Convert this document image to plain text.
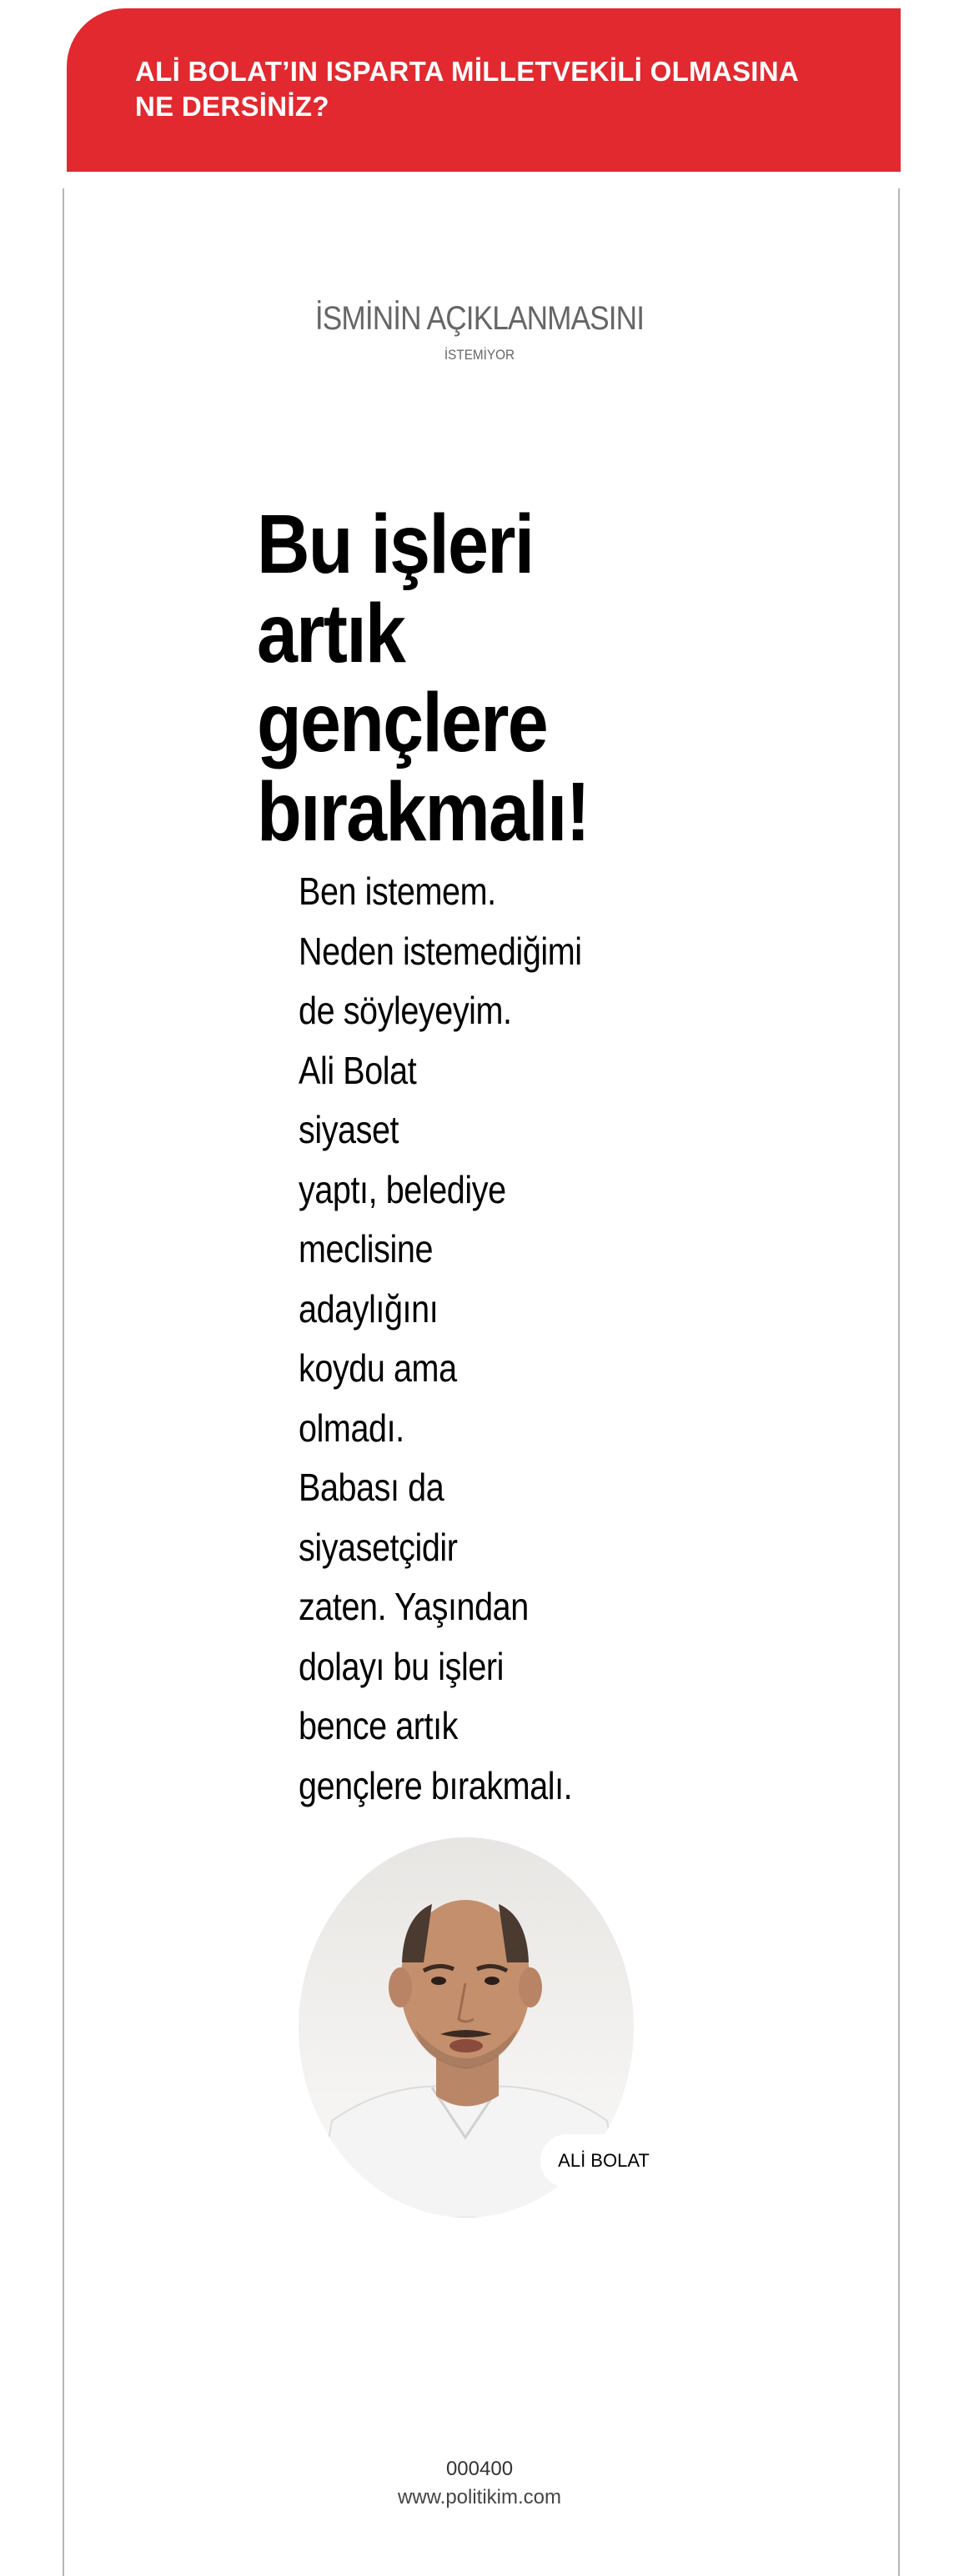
ALİ BOLAT’IN ISPARTA MİLLETVEKİLİ OLMASINA
NE DERSİNİZ?
İSMİNİN AÇIKLANMASINI
İSTEMİYOR
Bu işleri
artık
gençlere
bırakmalı!
Ben istemem.
Neden istemediğimi
de söyleyeyim.
Ali Bolat
siyaset
yaptı, belediye
meclisine
adaylığını
koydu ama
olmadı.
Babası da
siyasetçidir
zaten. Yaşından
dolayı bu işleri
bence artık
gençlere bırakmalı.
ALİ BOLAT
000400
www.politikim.com
